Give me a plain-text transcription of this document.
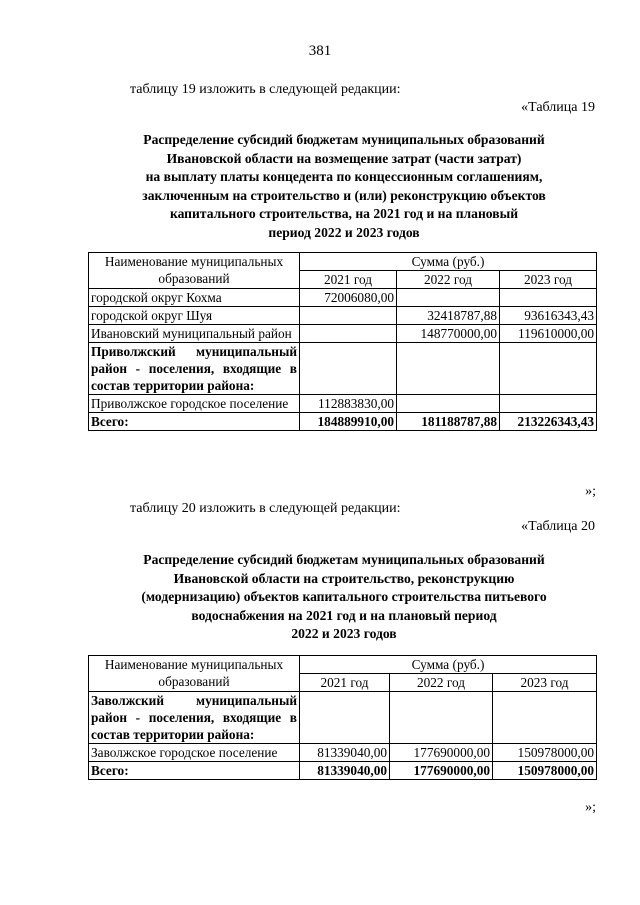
381
таблицу 19 изложить в следующей редакции:
«Таблица 19
Распределение субсидий бюджетам муниципальных образований
Ивановской области на возмещение затрат (части затрат)
на выплату платы концедента по концессионным соглашениям,
заключенным на строительство и (или) реконструкцию объектов
капитального строительства, на 2021 год и на плановый
период 2022 и 2023 годов
Наименование муниципальных образований	Сумма (руб.)		
	2021 год	2022 год	2023 год
городской округ Кохма	72006080,00		
городской округ Шуя		32418787,88	93616343,43
Ивановский муниципальный район		148770000,00	119610000,00
Приволжский муниципальный район - поселения, входящие в состав территории района:			
Приволжское городское поселение	112883830,00		
Всего:	184889910,00	181188787,88	213226343,43
»;
таблицу 20 изложить в следующей редакции:
«Таблица 20
Распределение субсидий бюджетам муниципальных образований
Ивановской области на строительство, реконструкцию
(модернизацию) объектов капитального строительства питьевого
водоснабжения на 2021 год и на плановый период
2022 и 2023 годов
Наименование муниципальных образований	Сумма (руб.)		
	2021 год	2022 год	2023 год
Заволжский муниципальный район - поселения, входящие в состав территории района:			
Заволжское городское поселение	81339040,00	177690000,00	150978000,00
Всего:	81339040,00	177690000,00	150978000,00
»;
